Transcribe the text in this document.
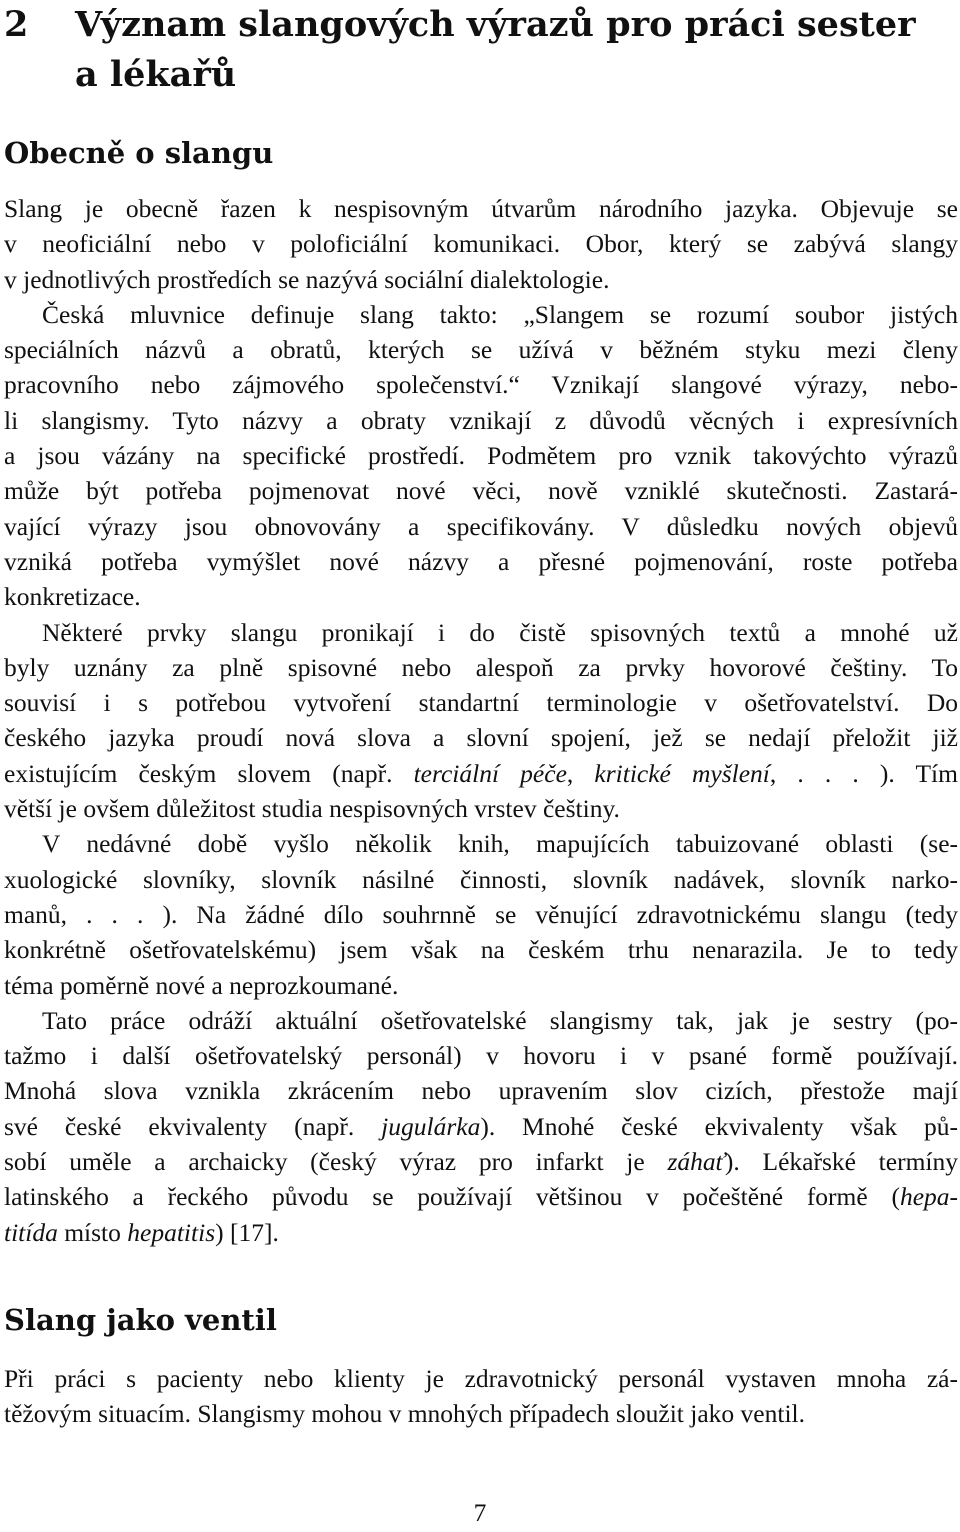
2 Význam slangových výrazů pro práci sester
a lékařů
Obecně o slangu
Slang je obecně řazen k nespisovným útvarům národního jazyka. Objevuje se
v neoficiální nebo v poloficiální komunikaci. Obor, který se zabývá slangy
v jednotlivých prostředích se nazývá sociální dialektologie.
Česká mluvnice definuje slang takto: „Slangem se rozumí soubor jistých
speciálních názvů a obratů, kterých se užívá v běžném styku mezi členy
pracovního nebo zájmového společenství.“ Vznikají slangové výrazy, nebo-
li slangismy. Tyto názvy a obraty vznikají z důvodů věcných i expresívních
a jsou vázány na specifické prostředí. Podmětem pro vznik takovýchto výrazů
může být potřeba pojmenovat nové věci, nově vzniklé skutečnosti. Zastará-
vající výrazy jsou obnovovány a specifikovány. V důsledku nových objevů
vzniká potřeba vymýšlet nové názvy a přesné pojmenování, roste potřeba
konkretizace.
Některé prvky slangu pronikají i do čistě spisovných textů a mnohé už
byly uznány za plně spisovné nebo alespoň za prvky hovorové češtiny. To
souvisí i s potřebou vytvoření standartní terminologie v ošetřovatelství. Do
českého jazyka proudí nová slova a slovní spojení, jež se nedají přeložit již
existujícím českým slovem (např. terciální péče, kritické myšlení, . . . ). Tím
větší je ovšem důležitost studia nespisovných vrstev češtiny.
V nedávné době vyšlo několik knih, mapujících tabuizované oblasti (se-
xuologické slovníky, slovník násilné činnosti, slovník nadávek, slovník narko-
manů, . . . ). Na žádné dílo souhrnně se věnující zdravotnickému slangu (tedy
konkrétně ošetřovatelskému) jsem však na českém trhu nenarazila. Je to tedy
téma poměrně nové a neprozkoumané.
Tato práce odráží aktuální ošetřovatelské slangismy tak, jak je sestry (po-
tažmo i další ošetřovatelský personál) v hovoru i v psané formě používají.
Mnohá slova vznikla zkrácením nebo upravením slov cizích, přestože mají
své české ekvivalenty (např. jugulárka). Mnohé české ekvivalenty však pů-
sobí uměle a archaicky (český výraz pro infarkt je záhať). Lékařské termíny
latinského a řeckého původu se používají většinou v počeštěné formě (hepa-
titída místo hepatitis) [17].
Slang jako ventil
Při práci s pacienty nebo klienty je zdravotnický personál vystaven mnoha zá-
těžovým situacím. Slangismy mohou v mnohých případech sloužit jako ventil.
7
